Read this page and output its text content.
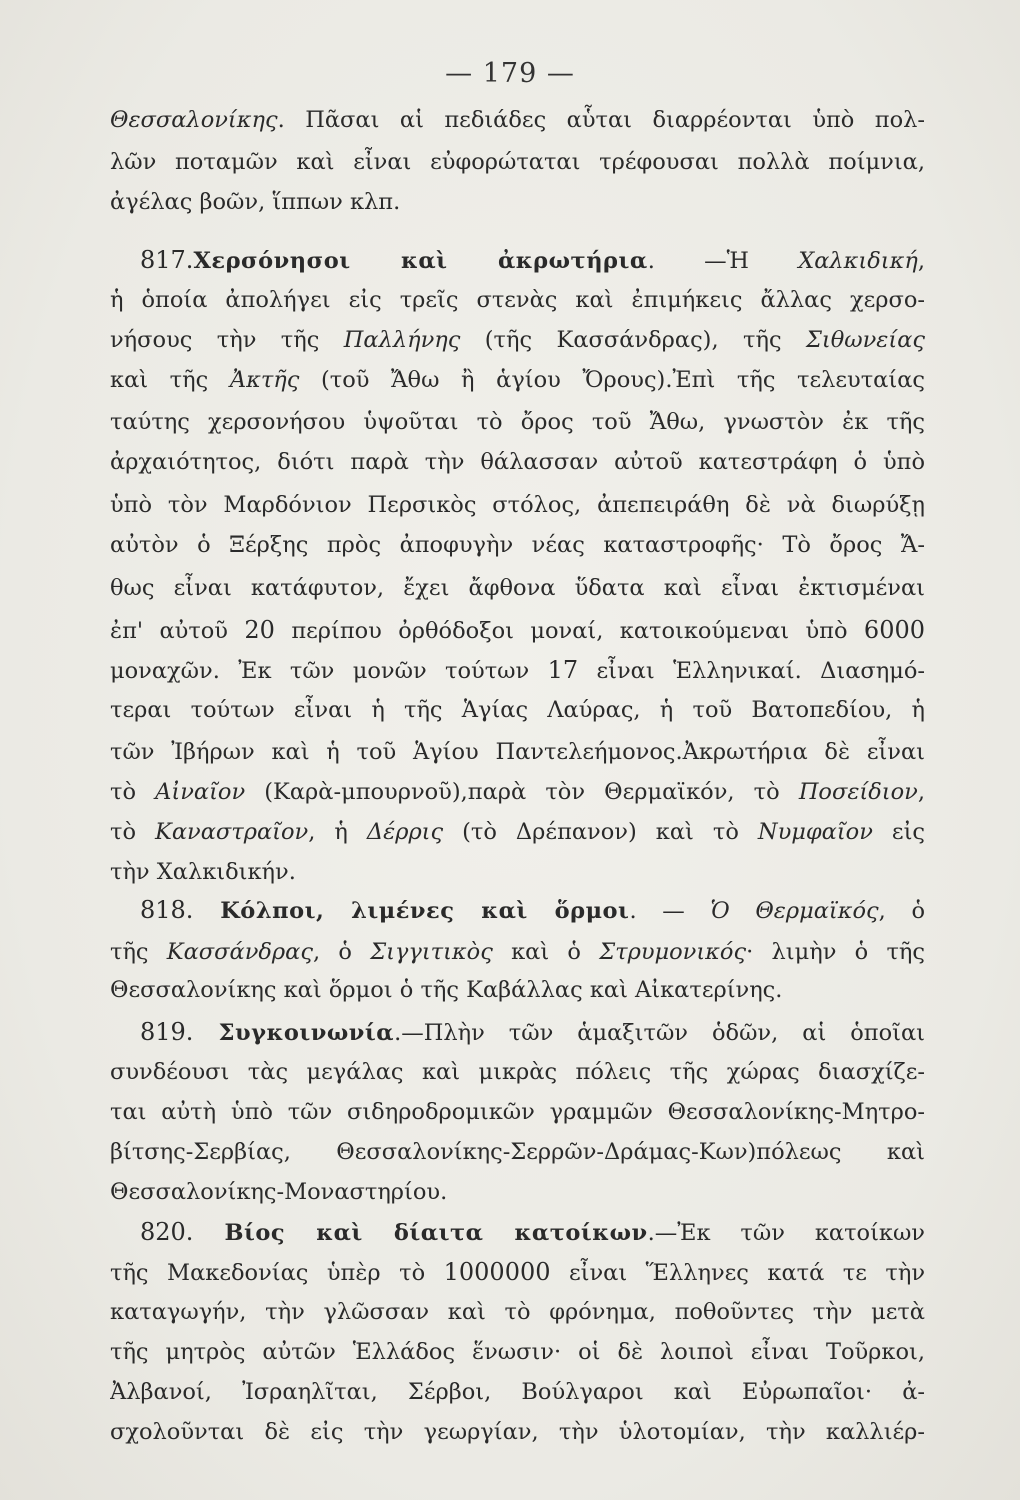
— 179 —
Θεσσαλονίκης. Πᾶσαι αἱ πεδιάδες αὗται διαρρέονται ὑπὸ πολ-
λῶν ποταμῶν καὶ εἶναι εὐφορώταται τρέφουσαι πολλὰ ποίμνια,
ἀγέλας βοῶν, ἵππων κλπ.
817.Χερσόνησοι καὶ ἀκρωτήρια. —Ἡ Χαλκιδική,
ἡ ὁποία ἀπολήγει εἰς τρεῖς στενὰς καὶ ἐπιμήκεις ἄλλας χερσο-
νήσους τὴν τῆς Παλλήνης (τῆς Κασσάνδρας), τῆς Σιθωνείας
καὶ τῆς Ἀκτῆς (τοῦ Ἄθω ἢ ἁγίου Ὄρους).Ἐπὶ τῆς τελευταίας
ταύτης χερσονήσου ὑψοῦται τὸ ὄρος τοῦ Ἄθω, γνωστὸν ἐκ τῆς
ἀρχαιότητος, διότι παρὰ τὴν θάλασσαν αὐτοῦ κατεστράφη ὁ ὑπὸ
ὑπὸ τὸν Μαρδόνιον Περσικὸς στόλος, ἀπεπειράθη δὲ νὰ διωρύξῃ
αὐτὸν ὁ Ξέρξης πρὸς ἀποφυγὴν νέας καταστροφῆς· Τὸ ὄρος Ἄ-
θως εἶναι κατάφυτον, ἔχει ἄφθονα ὕδατα καὶ εἶναι ἐκτισμέναι
ἐπ' αὐτοῦ 20 περίπου ὀρθόδοξοι μοναί, κατοικούμεναι ὑπὸ 6000
μοναχῶν. Ἐκ τῶν μονῶν τούτων 17 εἶναι Ἑλληνικαί. Διασημό-
τεραι τούτων εἶναι ἡ τῆς Ἁγίας Λαύρας, ἡ τοῦ Βατοπεδίου, ἡ
τῶν Ἰβήρων καὶ ἡ τοῦ Ἁγίου Παντελεήμονος.Ἀκρωτήρια δὲ εἶναι
τὸ Αἰναῖον (Καρὰ-μπουρνοῦ),παρὰ τὸν Θερμαϊκόν, τὸ Ποσείδιον,
τὸ Καναστραῖον, ἡ Δέρρις (τὸ Δρέπανον) καὶ τὸ Νυμφαῖον εἰς
τὴν Χαλκιδικήν.
818. Κόλποι, λιμένες καὶ ὅρμοι. — Ὁ Θερμαϊκός, ὁ
τῆς Κασσάνδρας, ὁ Σιγγιτικὸς καὶ ὁ Στρυμονικός· λιμὴν ὁ τῆς
Θεσσαλονίκης καὶ ὅρμοι ὁ τῆς Καβάλλας καὶ Αἰκατερίνης.
819. Συγκοινωνία.—Πλὴν τῶν ἁμαξιτῶν ὁδῶν, αἱ ὁποῖαι
συνδέουσι τὰς μεγάλας καὶ μικρὰς πόλεις τῆς χώρας διασχίζε-
ται αὐτὴ ὑπὸ τῶν σιδηροδρομικῶν γραμμῶν Θεσσαλονίκης-Μητρο-
βίτσης-Σερβίας, Θεσσαλονίκης-Σερρῶν-Δράμας-Κων)πόλεως καὶ
Θεσσαλονίκης-Μοναστηρίου.
820. Βίος καὶ δίαιτα κατοίκων.—Ἐκ τῶν κατοίκων
τῆς Μακεδονίας ὑπὲρ τὸ 1000000 εἶναι Ἕλληνες κατά τε τὴν
καταγωγήν, τὴν γλῶσσαν καὶ τὸ φρόνημα, ποθοῦντες τὴν μετὰ
τῆς μητρὸς αὐτῶν Ἑλλάδος ἕνωσιν· οἱ δὲ λοιποὶ εἶναι Τοῦρκοι,
Ἀλβανοί, Ἰσραηλῖται, Σέρβοι, Βούλγαροι καὶ Εὐρωπαῖοι· ἀ-
σχολοῦνται δὲ εἰς τὴν γεωργίαν, τὴν ὑλοτομίαν, τὴν καλλιέρ-
